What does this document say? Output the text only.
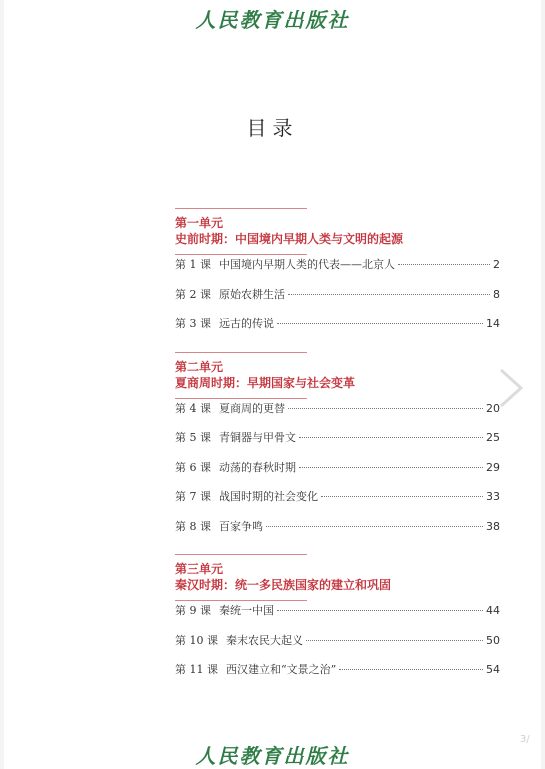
人民教育出版社
目录
第一单元
史前时期：中国境内早期人类与文明的起源
第 1 课 中国境内早期人类的代表——北京人	2
第 2 课 原始农耕生活	8
第 3 课 远古的传说	14
第二单元
夏商周时期：早期国家与社会变革
第 4 课 夏商周的更替	20
第 5 课 青铜器与甲骨文	25
第 6 课 动荡的春秋时期	29
第 7 课 战国时期的社会变化	33
第 8 课 百家争鸣	38
第三单元
秦汉时期：统一多民族国家的建立和巩固
第 9 课 秦统一中国	44
第 10 课 秦末农民大起义	50
第 11 课 西汉建立和“文景之治”	54
人民教育出版社
3/
